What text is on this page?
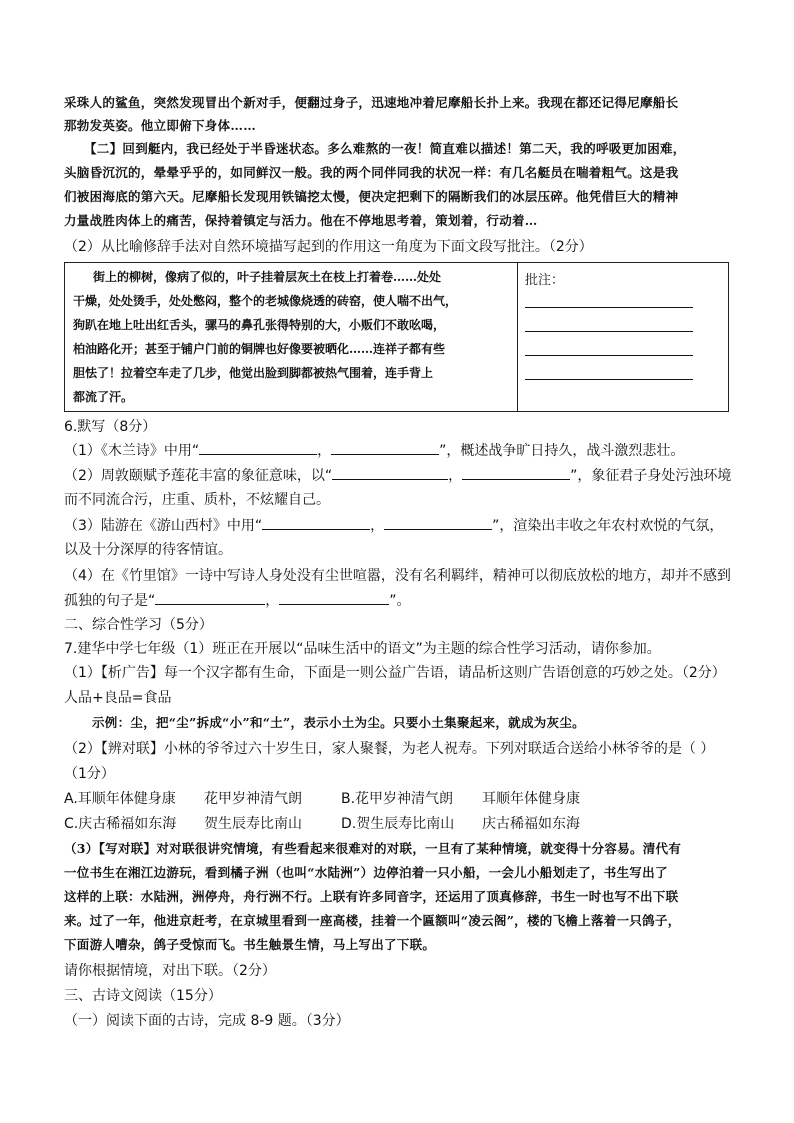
采珠人的鲨鱼，突然发现冒出个新对手，便翻过身子，迅速地冲着尼摩船长扑上来。我现在都还记得尼摩船长
那勃发英姿。他立即俯下身体……
【二】回到艇内，我已经处于半昏迷状态。多么难熬的一夜！简直难以描述！第二天，我的呼吸更加困难，
头脑昏沉沉的，晕晕乎乎的，如同鲜汉一般。我的两个同伴同我的状况一样：有几名艇员在喘着粗气。这是我
们被困海底的第六天。尼摩船长发现用铁镐挖太慢，便决定把剩下的隔断我们的冰层压碎。他凭借巨大的精神
力量战胜肉体上的痛苦，保持着镇定与活力。他在不停地思考着，策划着，行动着…
（2）从比喻修辞手法对自然环境描写起到的作用这一角度为下面文段写批注。（2分）
街上的柳树，像病了似的，叶子挂着层灰土在枝上打着卷……处处
干燥，处处烫手，处处憋闷，整个的老城像烧透的砖窑，使人喘不出气，
狗趴在地上吐出红舌头，骡马的鼻孔张得特别的大，小贩们不敢吆喝，
柏油路化开；甚至于铺户门前的铜牌也好像要被晒化……连祥子都有些
胆怯了！拉着空车走了几步，他觉出脸到脚都被热气围着，连手背上
都流了汗。
批注：
6.默写（8分）
（1）《木兰诗》中用“	，	”，概述战争旷日持久，战斗激烈悲壮。
（2）周敦颐赋予莲花丰富的象征意味，以“	，	”，象征君子身处污浊环境
而不同流合污，庄重、质朴，不炫耀自己。
（3）陆游在《游山西村》中用“	，	”，渲染出丰收之年农村欢悦的气氛，
以及十分深厚的待客情谊。
（4）在《竹里馆》一诗中写诗人身处没有尘世喧嚣，没有名利羁绊，精神可以彻底放松的地方，却并不感到
孤独的句子是“	，	”。
二、综合性学习（5分）
7.建华中学七年级（1）班正在开展以“品味生活中的语文”为主题的综合性学习活动，请你参加。
（1）【析广告】每一个汉字都有生命，下面是一则公益广告语，请品析这则广告语创意的巧妙之处。（2分）
人品+良品=食品
示例：尘，把“尘”拆成“小”和“土”，表示小土为尘。只要小土集聚起来，就成为灰尘。
（2）【辨对联】小林的爷爷过六十岁生日，家人聚餐，为老人祝寿。下列对联适合送给小林爷爷的是（ ）
（1分）
A.耳顺年体健身康 花甲岁神清气朗	B.花甲岁神清气朗 耳顺年体健身康
C.庆古稀福如东海 贺生辰寿比南山	D.贺生辰寿比南山 庆古稀福如东海
（3）【写对联】对对联很讲究情境，有些看起来很难对的对联，一旦有了某种情境，就变得十分容易。清代有
一位书生在湘江边游玩，看到橘子洲（也叫“水陆洲”）边停泊着一只小船，一会儿小船划走了，书生写出了
这样的上联：水陆洲，洲停舟，舟行洲不行。上联有许多同音字，还运用了顶真修辞，书生一时也写不出下联
来。过了一年，他进京赶考，在京城里看到一座高楼，挂着一个匾额叫“凌云阁”，楼的飞檐上落着一只鸽子，
下面游人嘈杂，鸽子受惊而飞。书生触景生情，马上写出了下联。
请你根据情境，对出下联。（2分）
三、古诗文阅读（15分）
（一）阅读下面的古诗，完成 8-9 题。（3分）
